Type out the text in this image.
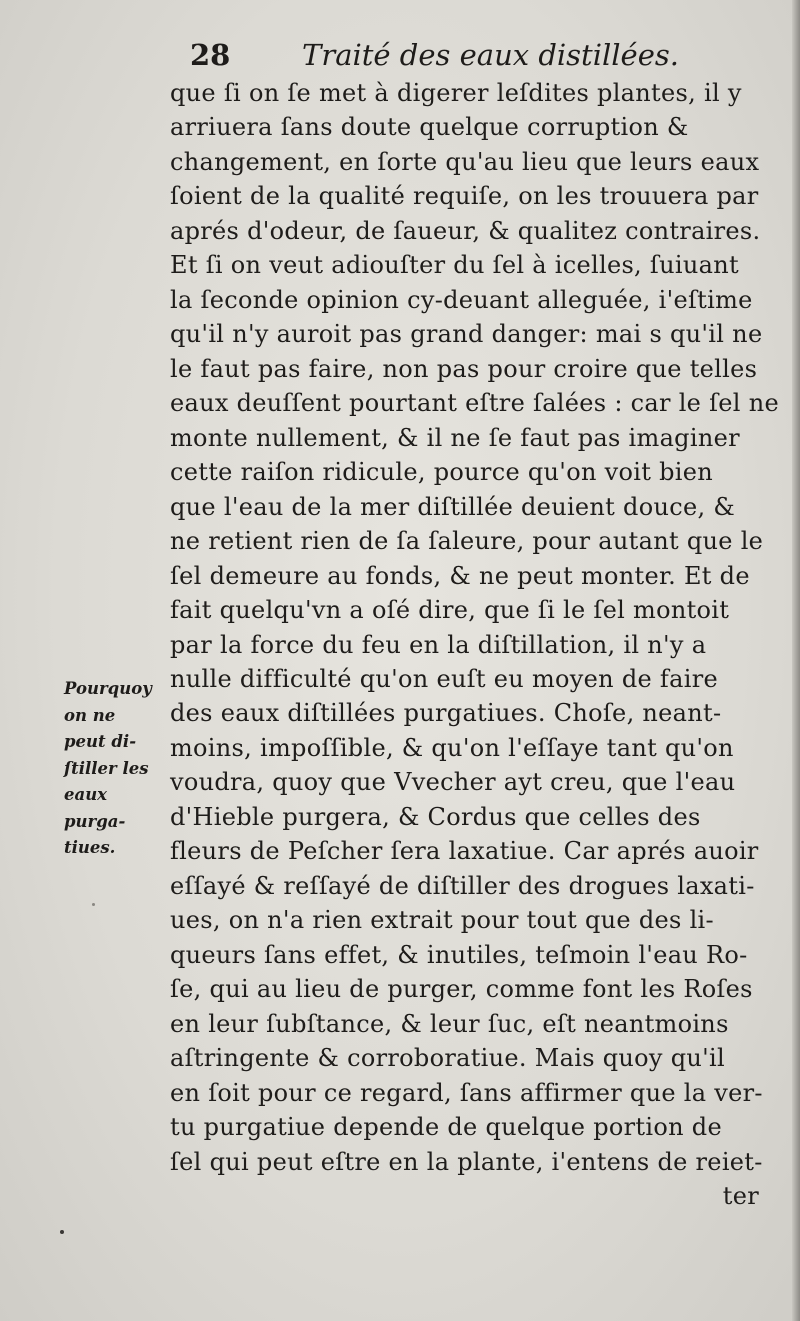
28 Traité des eaux distillées.
que ſi on ſe met à digerer leſdites plantes, il y
arriuera ſans doute quelque corruption &
changement, en ſorte qu'au lieu que leurs eaux
ſoient de la qualité requiſe, on les trouuera par
aprés d'odeur, de ſaueur, & qualitez contraires.
Et ſi on veut adiouſter du ſel à icelles, ſuiuant
la ſeconde opinion cy-deuant alleguée, i'eſtime
qu'il n'y auroit pas grand danger: mai s qu'il ne
le faut pas faire, non pas pour croire que telles
eaux deuſſent pourtant eſtre ſalées : car le ſel ne
monte nullement, & il ne ſe faut pas imaginer
cette raiſon ridicule, pource qu'on voit bien
que l'eau de la mer diſtillée deuient douce, &
ne retient rien de ſa ſaleure, pour autant que le
ſel demeure au fonds, & ne peut monter. Et de
fait quelqu'vn a oſé dire, que ſi le ſel montoit
par la force du feu en la diſtillation, il n'y a
nulle difficulté qu'on euſt eu moyen de faire
des eaux diſtillées purgatiues. Choſe, neant-
moins, impoſſible, & qu'on l'eſſaye tant qu'on
voudra, quoy que Vvecher ayt creu, que l'eau
d'Hieble purgera, & Cordus que celles des
fleurs de Peſcher ſera laxatiue. Car aprés auoir
eſſayé & reſſayé de diſtiller des drogues laxati-
ues, on n'a rien extrait pour tout que des li-
queurs ſans effet, & inutiles, teſmoin l'eau Ro-
ſe, qui au lieu de purger, comme font les Roſes
en leur ſubſtance, & leur ſuc, eſt neantmoins
aſtringente & corroboratiue. Mais quoy qu'il
en ſoit pour ce regard, ſans affirmer que la ver-
tu purgatiue depende de quelque portion de
ſel qui peut eſtre en la plante, i'entens de reiet-
ter
Pourquoy
on ne
peut di-
ſtiller les
eaux
purga-
tiues.
